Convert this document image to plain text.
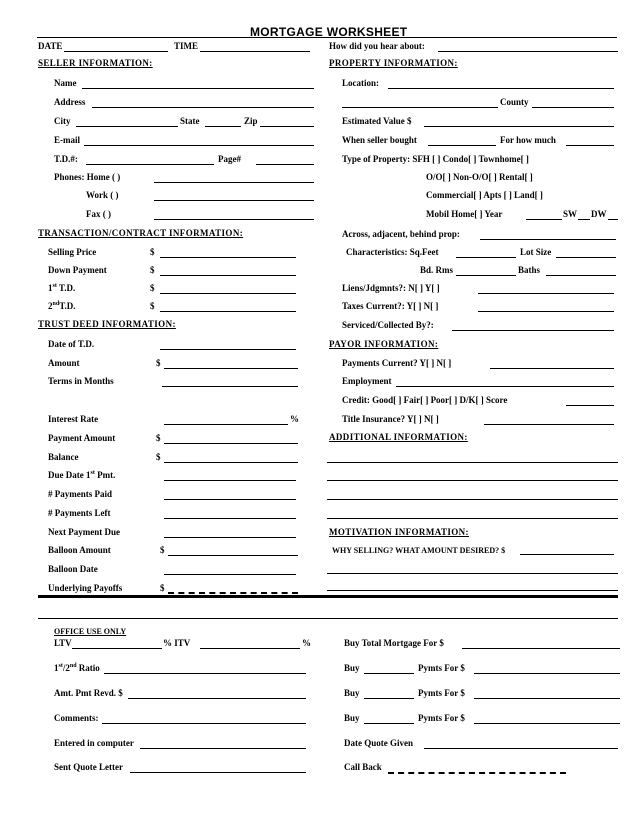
MORTGAGE WORKSHEET
DATE	TIME	How did you hear about:
SELLER INFORMATION:
Name
Address
City	State	Zip
E-mail
T.D.#:	Page#
Phones: Home ( )
Work ( )
Fax ( )
TRANSACTION/CONTRACT INFORMATION:
Selling Price	$
Down Payment	$
1st T.D.	$
2ndT.D.	$
TRUST DEED INFORMATION:
Date of T.D.
Amount	$
Terms in Months
Interest Rate	%
Payment Amount	$
Balance	$
Due Date 1st Pmt.
# Payments Paid
# Payments Left
Next Payment Due
Balloon Amount	$
Balloon Date
Underlying Payoffs	$
PROPERTY INFORMATION:
Location:
County
Estimated Value $
When seller bought	For how much
Type of Property: SFH [ ] Condo[ ] Townhome[ ]
O/O[ ] Non-O/O[ ] Rental[ ]
Commercial[ ] Apts [ ] Land[ ]
Mobil Home[ ] Year	SW DW
Across, adjacent, behind prop:
Characteristics: Sq.Feet	Lot Size
Bd. Rms	Baths
Liens/Jdgmnts?: N[ ] Y[ ]
Taxes Current?: Y[ ] N[ ]
Serviced/Collected By?:
PAYOR INFORMATION:
Payments Current? Y[ ] N[ ]
Employment
Credit: Good[ ] Fair[ ] Poor[ ] D/K[ ] Score
Title Insurance? Y[ ] N[ ]
ADDITIONAL INFORMATION:
MOTIVATION INFORMATION:
WHY SELLING? WHAT AMOUNT DESIRED? $
OFFICE USE ONLY
LTV	% ITV	%
1st/2nd Ratio
Amt. Pmt Revd. $
Comments:
Entered in computer
Sent Quote Letter
Buy Total Mortgage For $
Buy	Pymts For $
Buy	Pymts For $
Buy	Pymts For $
Date Quote Given
Call Back
